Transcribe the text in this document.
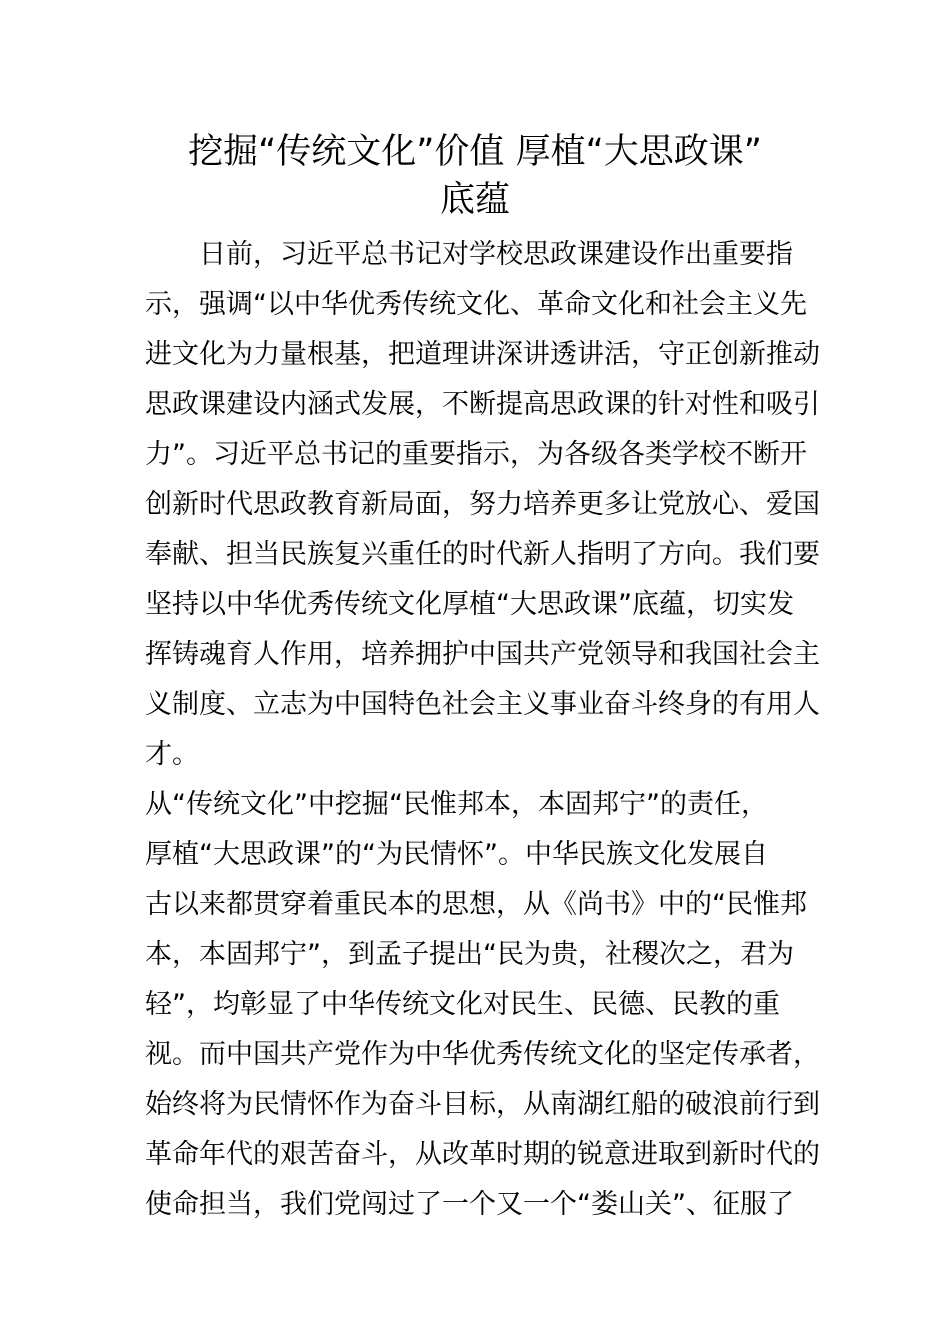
挖掘“传统文化”价值 厚植“大思政课”
底蕴
　　日前，习近平总书记对学校思政课建设作出重要指
示，强调“以中华优秀传统文化、革命文化和社会主义先
进文化为力量根基，把道理讲深讲透讲活，守正创新推动
思政课建设内涵式发展，不断提高思政课的针对性和吸引
力”。习近平总书记的重要指示，为各级各类学校不断开
创新时代思政教育新局面，努力培养更多让党放心、爱国
奉献、担当民族复兴重任的时代新人指明了方向。我们要
坚持以中华优秀传统文化厚植“大思政课”底蕴，切实发
挥铸魂育人作用，培养拥护中国共产党领导和我国社会主
义制度、立志为中国特色社会主义事业奋斗终身的有用人
才。
从“传统文化”中挖掘“民惟邦本，本固邦宁”的责任，
厚植“大思政课”的“为民情怀”。中华民族文化发展自
古以来都贯穿着重民本的思想，从《尚书》中的“民惟邦
本，本固邦宁”，到孟子提出“民为贵，社稷次之，君为
轻”，均彰显了中华传统文化对民生、民德、民教的重
视。而中国共产党作为中华优秀传统文化的坚定传承者，
始终将为民情怀作为奋斗目标，从南湖红船的破浪前行到
革命年代的艰苦奋斗，从改革时期的锐意进取到新时代的
使命担当，我们党闯过了一个又一个“娄山关”、征服了
